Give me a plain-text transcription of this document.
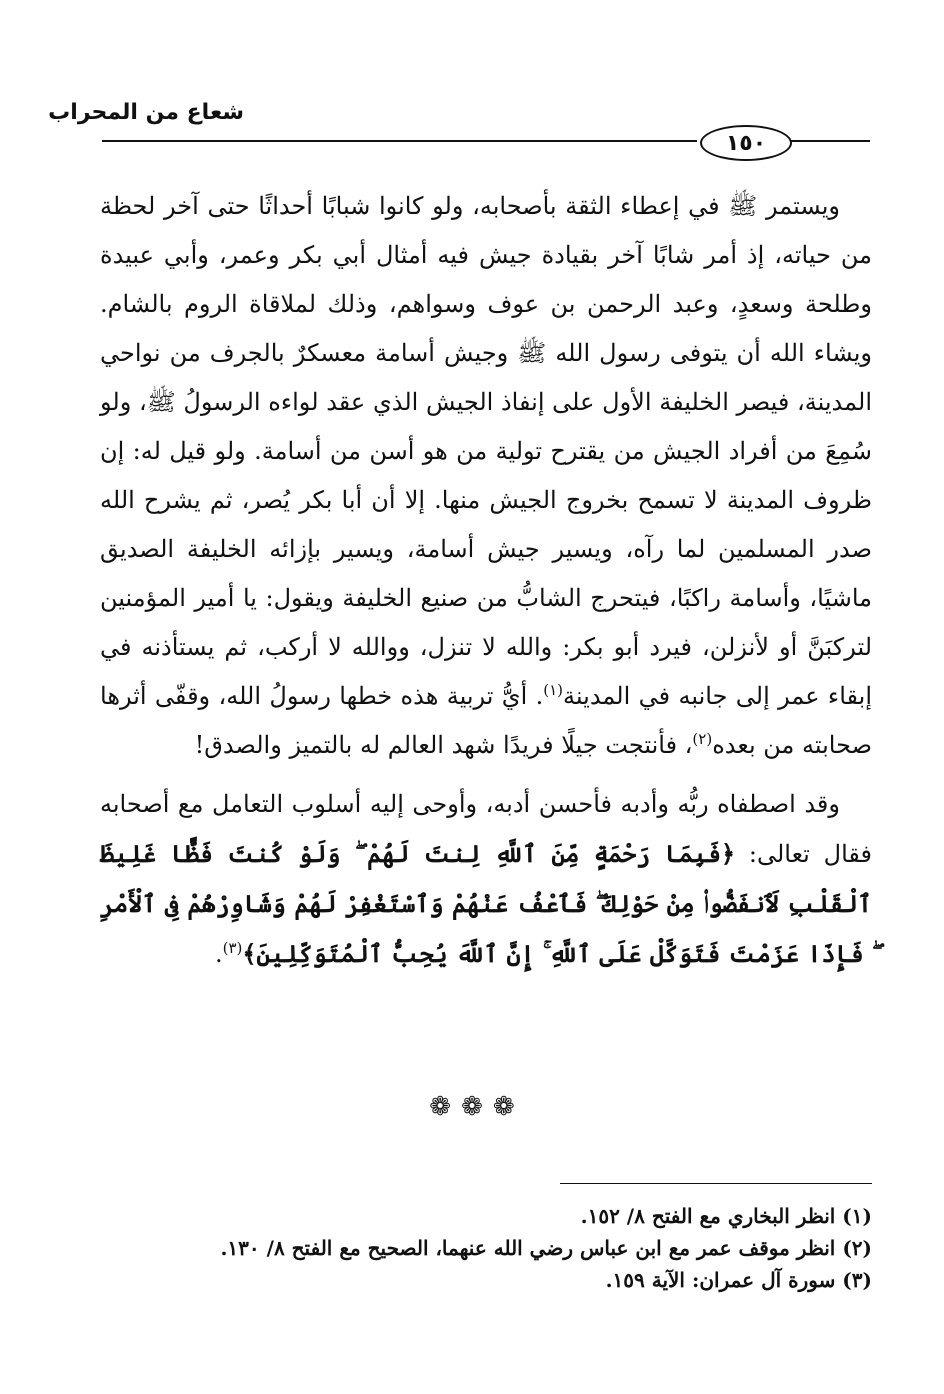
شعاع من المحراب
١٥٠

ويستمر ﷺ في إعطاء الثقة بأصحابه، ولو كانوا شبابًا أحداثًا حتى آخر لحظة من حياته، إذ أمر شابًا آخر بقيادة جيش فيه أمثال أبي بكر وعمر، وأبي عبيدة وطلحة وسعدٍ، وعبد الرحمن بن عوف وسواهم، وذلك لملاقاة الروم بالشام. ويشاء الله أن يتوفى رسول الله ﷺ وجيش أسامة معسكرٌ بالجرف من نواحي المدينة، فيصر الخليفة الأول على إنفاذ الجيش الذي عقد لواءه الرسولُ ﷺ، ولو سُمِعَ من أفراد الجيش من يقترح تولية من هو أسن من أسامة. ولو قيل له: إن ظروف المدينة لا تسمح بخروج الجيش منها. إلا أن أبا بكر يُصر، ثم يشرح الله صدر المسلمين لما رآه، ويسير جيش أسامة، ويسير بإزائه الخليفة الصديق ماشيًا، وأسامة راكبًا، فيتحرج الشابُّ من صنيع الخليفة ويقول: يا أمير المؤمنين لتركبَنَّ أو لأنزلن، فيرد أبو بكر: والله لا تنزل، ووالله لا أركب، ثم يستأذنه في إبقاء عمر إلى جانبه في المدينة$^{(١)}$. أيُّ تربية هذه خطها رسولُ الله، وقفّى أثرها صحابته من بعده$^{(٢)}$، فأنتجت جيلًا فريدًا شهد العالم له بالتميز والصدق!

وقد اصطفاه ربُّه وأدبه فأحسن أدبه، وأوحى إليه أسلوب التعامل مع أصحابه فقال تعالى: ﴿فَبِمَا رَحْمَةٍ مِّنَ ٱللَّهِ لِنتَ لَهُمْ ۖ وَلَوْ كُنتَ فَظًّا غَلِيظَ ٱلْقَلْبِ لَٱنفَضُّوا۟ مِنْ حَوْلِكَ ۖ فَٱعْفُ عَنْهُمْ وَٱسْتَغْفِرْ لَهُمْ وَشَاوِرْهُمْ فِى ٱلْأَمْرِ ۖ فَإِذَا عَزَمْتَ فَتَوَكَّلْ عَلَى ٱللَّهِ ۚ إِنَّ ٱللَّهَ يُحِبُّ ٱلْمُتَوَكِّلِينَ﴾$^{(٣)}$.

❁ ❁ ❁
(١) انظر البخاري مع الفتح ٨/ ١٥٢.
(٢) انظر موقف عمر مع ابن عباس رضي الله عنهما، الصحيح مع الفتح ٨/ ١٣٠.
(٣) سورة آل عمران: الآية ١٥٩.
